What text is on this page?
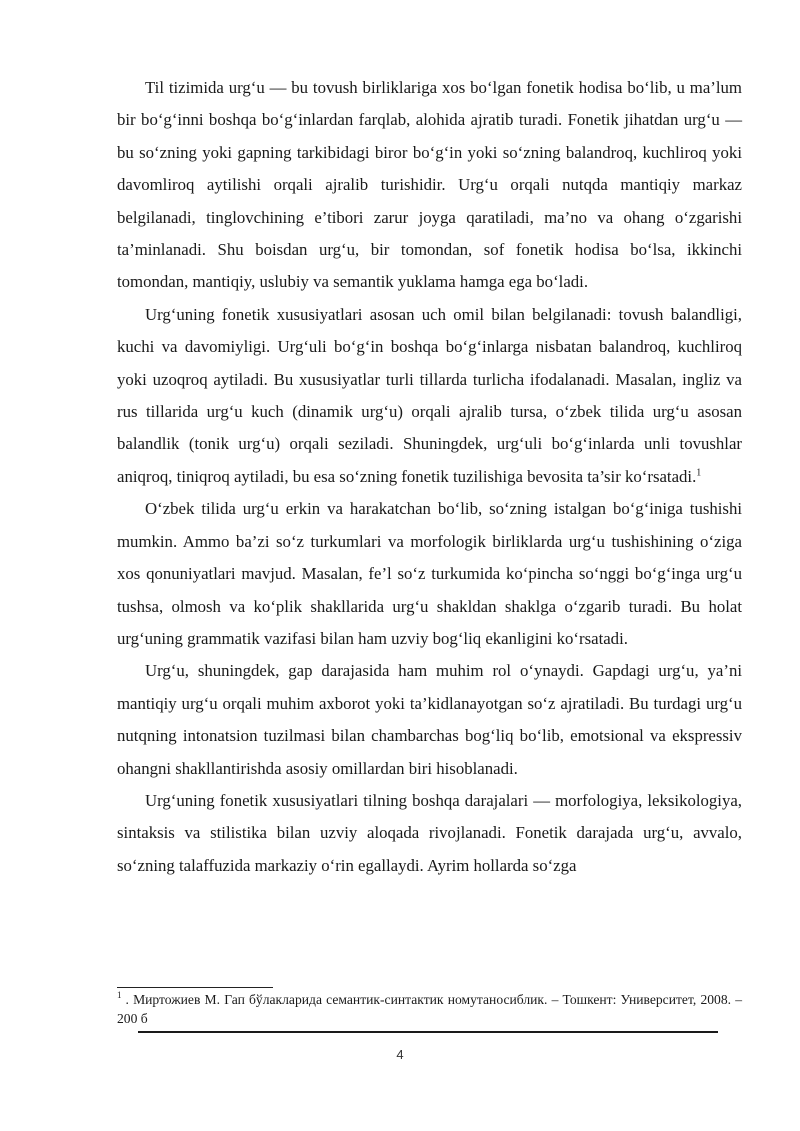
Til tizimida urg‘u — bu tovush birliklariga xos bo‘lgan fonetik hodisa bo‘lib, u ma’lum bir bo‘g‘inni boshqa bo‘g‘inlardan farqlab, alohida ajratib turadi. Fonetik jihatdan urg‘u — bu so‘zning yoki gapning tarkibidagi biror bo‘g‘in yoki so‘zning balandroq, kuchliroq yoki davomliroq aytilishi orqali ajralib turishidir. Urg‘u orqali nutqda mantiqiy markaz belgilanadi, tinglovchining e’tibori zarur joyga qaratiladi, ma’no va ohang o‘zgarishi ta’minlanadi. Shu boisdan urg‘u, bir tomondan, sof fonetik hodisa bo‘lsa, ikkinchi tomondan, mantiqiy, uslubiy va semantik yuklama hamga ega bo‘ladi.

Urg‘uning fonetik xususiyatlari asosan uch omil bilan belgilanadi: tovush balandligi, kuchi va davomiyligi. Urg‘uli bo‘g‘in boshqa bo‘g‘inlarga nisbatan balandroq, kuchliroq yoki uzoqroq aytiladi. Bu xususiyatlar turli tillarda turlicha ifodalanadi. Masalan, ingliz va rus tillarida urg‘u kuch (dinamik urg‘u) orqali ajralib tursa, o‘zbek tilida urg‘u asosan balandlik (tonik urg‘u) orqali seziladi. Shuningdek, urg‘uli bo‘g‘inlarda unli tovushlar aniqroq, tiniqroq aytiladi, bu esa so‘zning fonetik tuzilishiga bevosita ta’sir ko‘rsatadi.$^1$

O‘zbek tilida urg‘u erkin va harakatchan bo‘lib, so‘zning istalgan bo‘g‘iniga tushishi mumkin. Ammo ba’zi so‘z turkumlari va morfologik birliklarda urg‘u tushishining o‘ziga xos qonuniyatlari mavjud. Masalan, fe’l so‘z turkumida ko‘pincha so‘nggi bo‘g‘inga urg‘u tushsa, olmosh va ko‘plik shakllarida urg‘u shakldan shaklga o‘zgarib turadi. Bu holat urg‘uning grammatik vazifasi bilan ham uzviy bog‘liq ekanligini ko‘rsatadi.

Urg‘u, shuningdek, gap darajasida ham muhim rol o‘ynaydi. Gapdagi urg‘u, ya’ni mantiqiy urg‘u orqali muhim axborot yoki ta’kidlanayotgan so‘z ajratiladi. Bu turdagi urg‘u nutqning intonatsion tuzilmasi bilan chambarchas bog‘liq bo‘lib, emotsional va ekspressiv ohangni shakllantirishda asosiy omillardan biri hisoblanadi.

Urg‘uning fonetik xususiyatlari tilning boshqa darajalari — morfologiya, leksikologiya, sintaksis va stilistika bilan uzviy aloqada rivojlanadi. Fonetik darajada urg‘u, avvalo, so‘zning talaffuzida markaziy o‘rin egallaydi. Ayrim hollarda so‘zga

$^1$ . Миртожиев М. Гап бўлакларида семантик-синтактик номутаносиблик. – Тошкент: Университет, 2008. –200 б

4
